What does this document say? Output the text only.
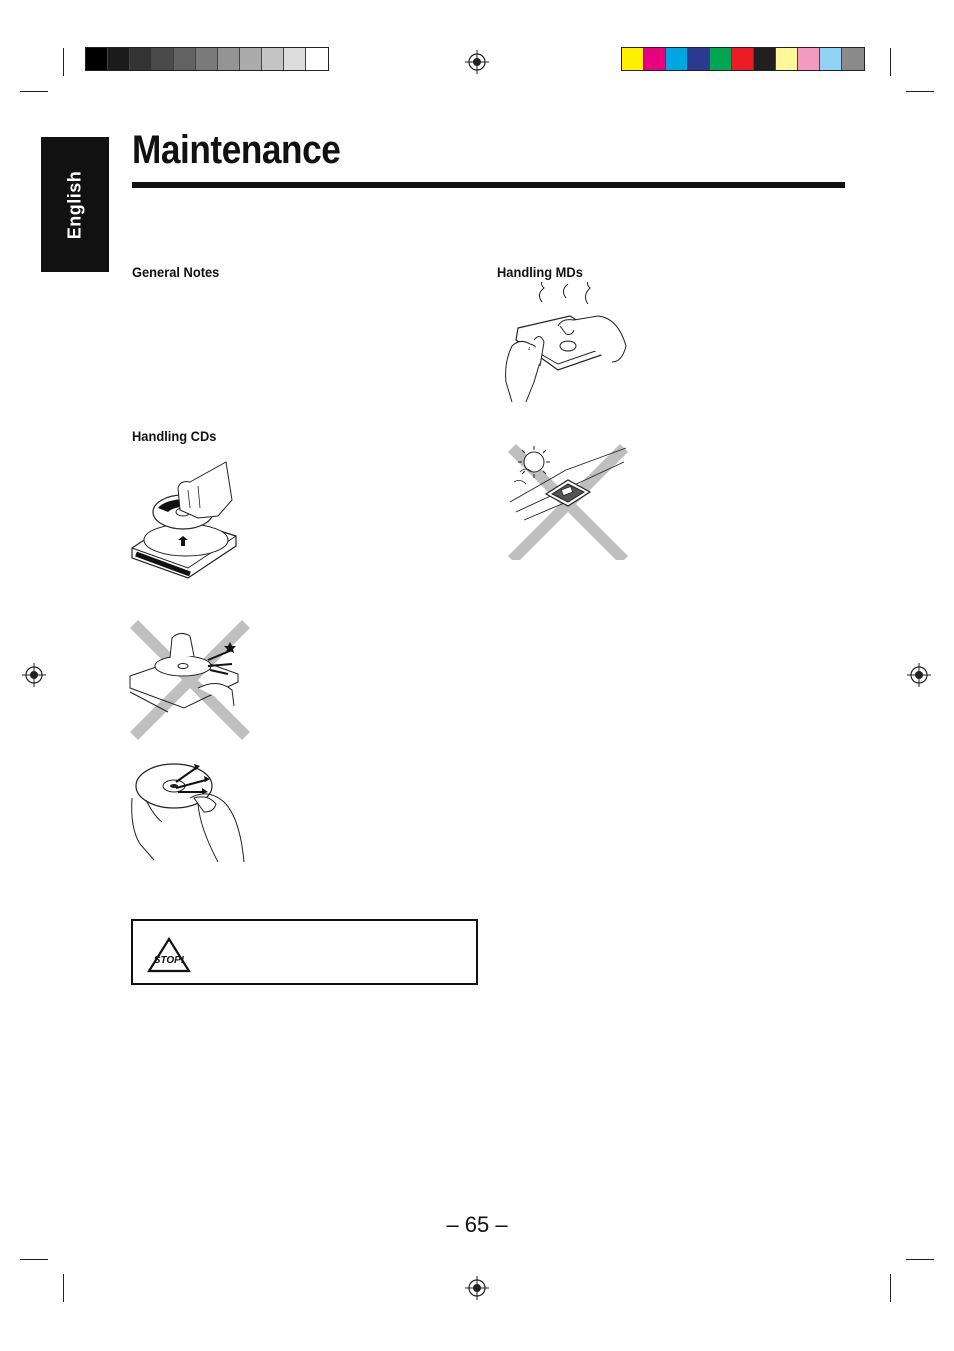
English
Maintenance
General Notes
Handling CDs
Handling MDs
STOP!
– 65 –
